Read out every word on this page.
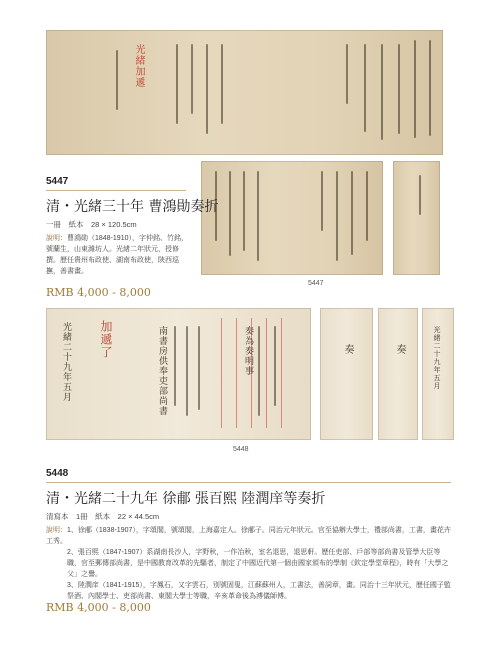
光緒加遞
5447
清・光緒三十年 曹鴻勛奏折
一冊　紙本　28 × 120.5cm
說明：曹鴻勛（1848-1910），字仲銘、竹銘，號蘭生，山東濰坊人。光緒二年狀元，授修撰。歷任貴州布政使、湖南布政使，陝西巡撫，善書畫。
RMB 4,000 - 8,000
5447
光緒二十九年五月 加遞了	南書房供奉吏部尚書	奏為奏明事	奏	奏	光緒二十九年五月
5448
5448
清・光緒二十九年 徐郙 張百熙 陸潤庠等奏折
清寫本　1冊　紙本　22 × 44.5cm
說明：1、徐郙（1838-1907），字頌閣，號頌閣，上海嘉定人。徐郙子。同治元年狀元。官至協辦大學士，禮部尚書，工書，畫花卉工秀。
2、張百熙（1847-1907）系湖南長沙人，字野秋，一作冶秋，室名退思，退思軒。歷任吏部、戶部等部尚書及管學大臣等職，官至郵傳部尚書，是中國教育改革的先驅者，制定了中國近代第一個由國家頒布的學制《欽定學堂章程》，時有「大學之父」之譽。
3、陸潤庠（1841-1915），字鳳石，又字雲石，別號固叟，江蘇蘇州人，工書法，善詞章，畫。同治十三年狀元，歷任國子監祭酒、內閣學士、吏部尚書、東閣大學士等職，辛亥革命後為溥儀師傅。
RMB 4,000 - 8,000
